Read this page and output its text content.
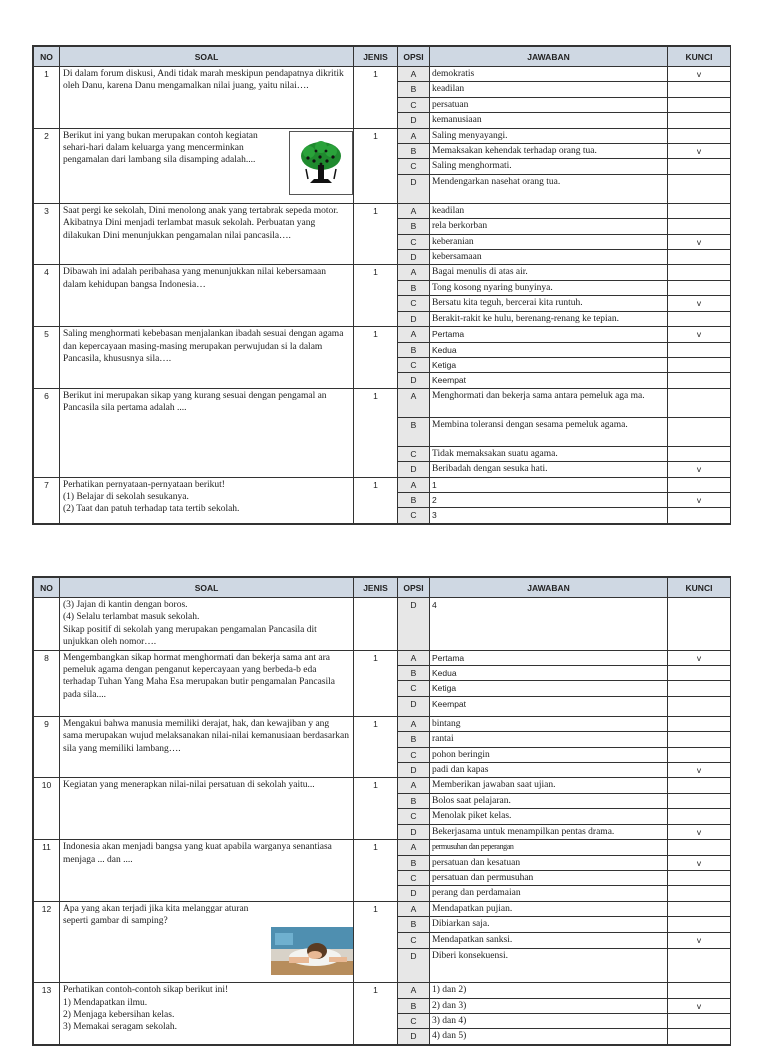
NO	SOAL	JENIS	OPSI	JAWABAN	KUNCI
1	Di dalam forum diskusi, Andi tidak marah meskipun pendapatnya dikritik oleh Danu, karena Danu mengamalkan nilai juang, yaitu nilai….	1	A	demokratis	v
			B	keadilan	
			C	persatuan	
			D	kemanusiaan	
2	Berikut ini yang bukan merupakan contoh kegiatan sehari-hari dalam keluarga yang mencerminkan pengamalan dari lambang sila disamping adalah....	1	A	Saling menyayangi.	
			B	Memaksakan kehendak terhadap orang tua.	v
			C	Saling menghormati.	
			D	Mendengarkan nasehat orang tua.	
3	Saat pergi ke sekolah, Dini menolong anak yang tertabrak sepeda motor. Akibatnya Dini menjadi terlambat masuk sekolah. Perbuatan yang dilakukan Dini menunjukkan pengamalan nilai pancasila….	1	A	keadilan	
			B	rela berkorban	
			C	keberanian	v
			D	kebersamaan	
4	Dibawah ini adalah peribahasa yang menunjukkan nilai kebersamaan dalam kehidupan bangsa Indonesia…	1	A	Bagai menulis di atas air.	
			B	Tong kosong nyaring bunyinya.	
			C	Bersatu kita teguh, bercerai kita runtuh.	v
			D	Berakit-rakit ke hulu, berenang-renang ke tepian.	
5	Saling menghormati kebebasan menjalankan ibadah sesuai dengan agama dan kepercayaan masing-masing merupakan perwujudan si la dalam Pancasila, khususnya sila….	1	A	Pertama	v
			B	Kedua	
			C	Ketiga	
			D	Keempat	
6	Berikut ini merupakan sikap yang kurang sesuai dengan pengamal an Pancasila sila pertama adalah ....	1	A	Menghormati dan bekerja sama antara pemeluk aga ma.	
			B	Membina toleransi dengan sesama pemeluk agama.	
			C	Tidak memaksakan suatu agama.	
			D	Beribadah dengan sesuka hati.	v
7	Perhatikan pernyataan-pernyataan berikut!
(1) Belajar di sekolah sesukanya.
(2) Taat dan patuh terhadap tata tertib sekolah.	1	A	1	
			B	2	v
			C	3	
NO	SOAL	JENIS	OPSI	JAWABAN	KUNCI

	(3) Jajan di kantin dengan boros.
(4) Selalu terlambat masuk sekolah.
Sikap positif di sekolah yang merupakan pengamalan Pancasila dit unjukkan oleh nomor….		D	4	
8	Mengembangkan sikap hormat menghormati dan bekerja sama ant ara pemeluk agama dengan penganut kepercayaan yang berbeda-b eda terhadap Tuhan Yang Maha Esa merupakan butir pengamalan Pancasila pada sila....	1	A	Pertama	v
			B	Kedua	
			C	Ketiga	
			D	Keempat	
9	Mengakui bahwa manusia memiliki derajat, hak, dan kewajiban y ang sama merupakan wujud melaksanakan nilai-nilai kemanusiaan berdasarkan sila yang memiliki lambang….	1	A	bintang	
			B	rantai	
			C	pohon beringin	
			D	padi dan kapas	v
10	Kegiatan yang menerapkan nilai-nilai persatuan di sekolah yaitu...	1	A	Memberikan jawaban saat ujian.	
			B	Bolos saat pelajaran.	
			C	Menolak piket kelas.	
			D	Bekerjasama untuk menampilkan pentas drama.	v
11	Indonesia akan menjadi bangsa yang kuat apabila warganya senantiasa menjaga ... dan ....	1	A	permusuhan dan peperangan	
			B	persatuan dan kesatuan	v
			C	persatuan dan permusuhan	
			D	perang dan perdamaian	
12	Apa yang akan terjadi jika kita melanggar aturan seperti gambar di samping?	1	A	Mendapatkan pujian.	
			B	Dibiarkan saja.	
			C	Mendapatkan sanksi.	v
			D	Diberi konsekuensi.	
13	Perhatikan contoh-contoh sikap berikut ini!
1) Mendapatkan ilmu.
2) Menjaga kebersihan kelas.
3) Memakai seragam sekolah.	1	A	1) dan 2)	
			B	2) dan 3)	v
			C	3) dan 4)	
			D	4) dan 5)	
